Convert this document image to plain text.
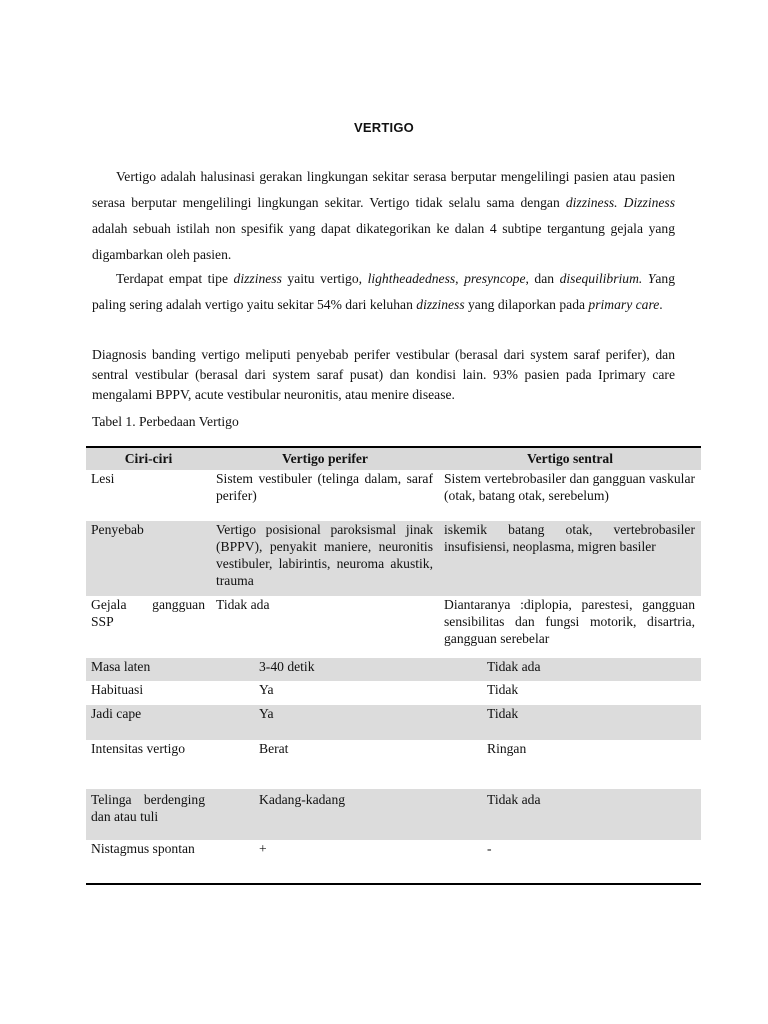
VERTIGO

Vertigo adalah halusinasi gerakan lingkungan sekitar serasa berputar mengelilingi pasien atau pasien serasa berputar mengelilingi lingkungan sekitar. Vertigo tidak selalu sama dengan dizziness. Dizziness adalah sebuah istilah non spesifik yang dapat dikategorikan ke dalan 4 subtipe tergantung gejala yang digambarkan oleh pasien.

Terdapat empat tipe dizziness yaitu vertigo, lightheadedness, presyncope, dan disequilibrium. Yang paling sering adalah vertigo yaitu sekitar 54% dari keluhan dizziness yang dilaporkan pada primary care.

Diagnosis banding vertigo meliputi penyebab perifer vestibular (berasal dari system saraf perifer), dan sentral vestibular (berasal dari system saraf pusat) dan kondisi lain. 93% pasien pada Iprimary care mengalami BPPV, acute vestibular neuronitis, atau menire disease.

Tabel 1. Perbedaan Vertigo
Ciri-ciri	Vertigo perifer	Vertigo sentral
Lesi	Sistem vestibuler (telinga dalam, saraf perifer)	Sistem vertebrobasiler dan gangguan vaskular (otak, batang otak, serebelum)
Penyebab	Vertigo posisional paroksismal jinak (BPPV), penyakit maniere, neuronitis vestibuler, labirintis, neuroma akustik, trauma	iskemik batang otak, vertebrobasiler insufisiensi, neoplasma, migren basiler
Gejala gangguan SSP	Tidak ada	Diantaranya :diplopia, parestesi, gangguan sensibilitas dan fungsi motorik, disartria, gangguan serebelar
Masa laten	3-40 detik	Tidak ada
Habituasi	Ya	Tidak
Jadi cape	Ya	Tidak
Intensitas vertigo	Berat	Ringan
Telinga berdenging dan atau tuli	Kadang-kadang	Tidak ada
Nistagmus spontan	+	-
